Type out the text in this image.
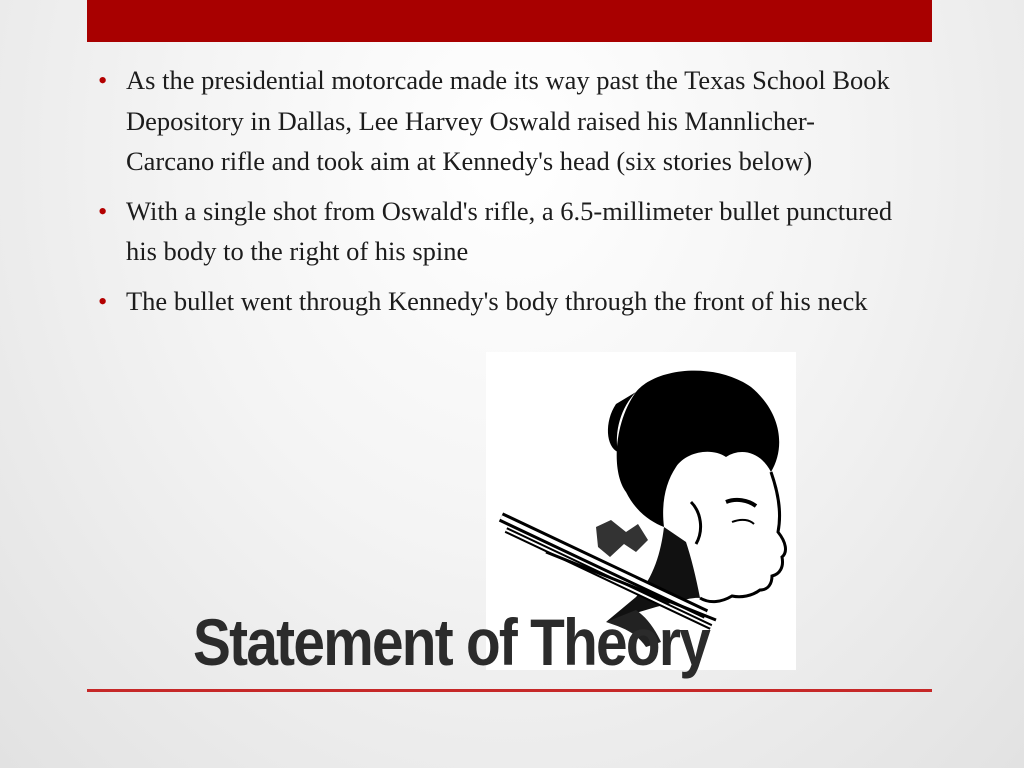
• As the presidential motorcade made its way past the Texas School Book Depository in Dallas, Lee Harvey Oswald raised his Mannlicher-Carcano rifle and took aim at Kennedy's head (six stories below)
• With a single shot from Oswald's rifle, a 6.5-millimeter bullet punctured his body to the right of his spine
• The bullet went through Kennedy's body through the front of his neck
Statement of Theory
